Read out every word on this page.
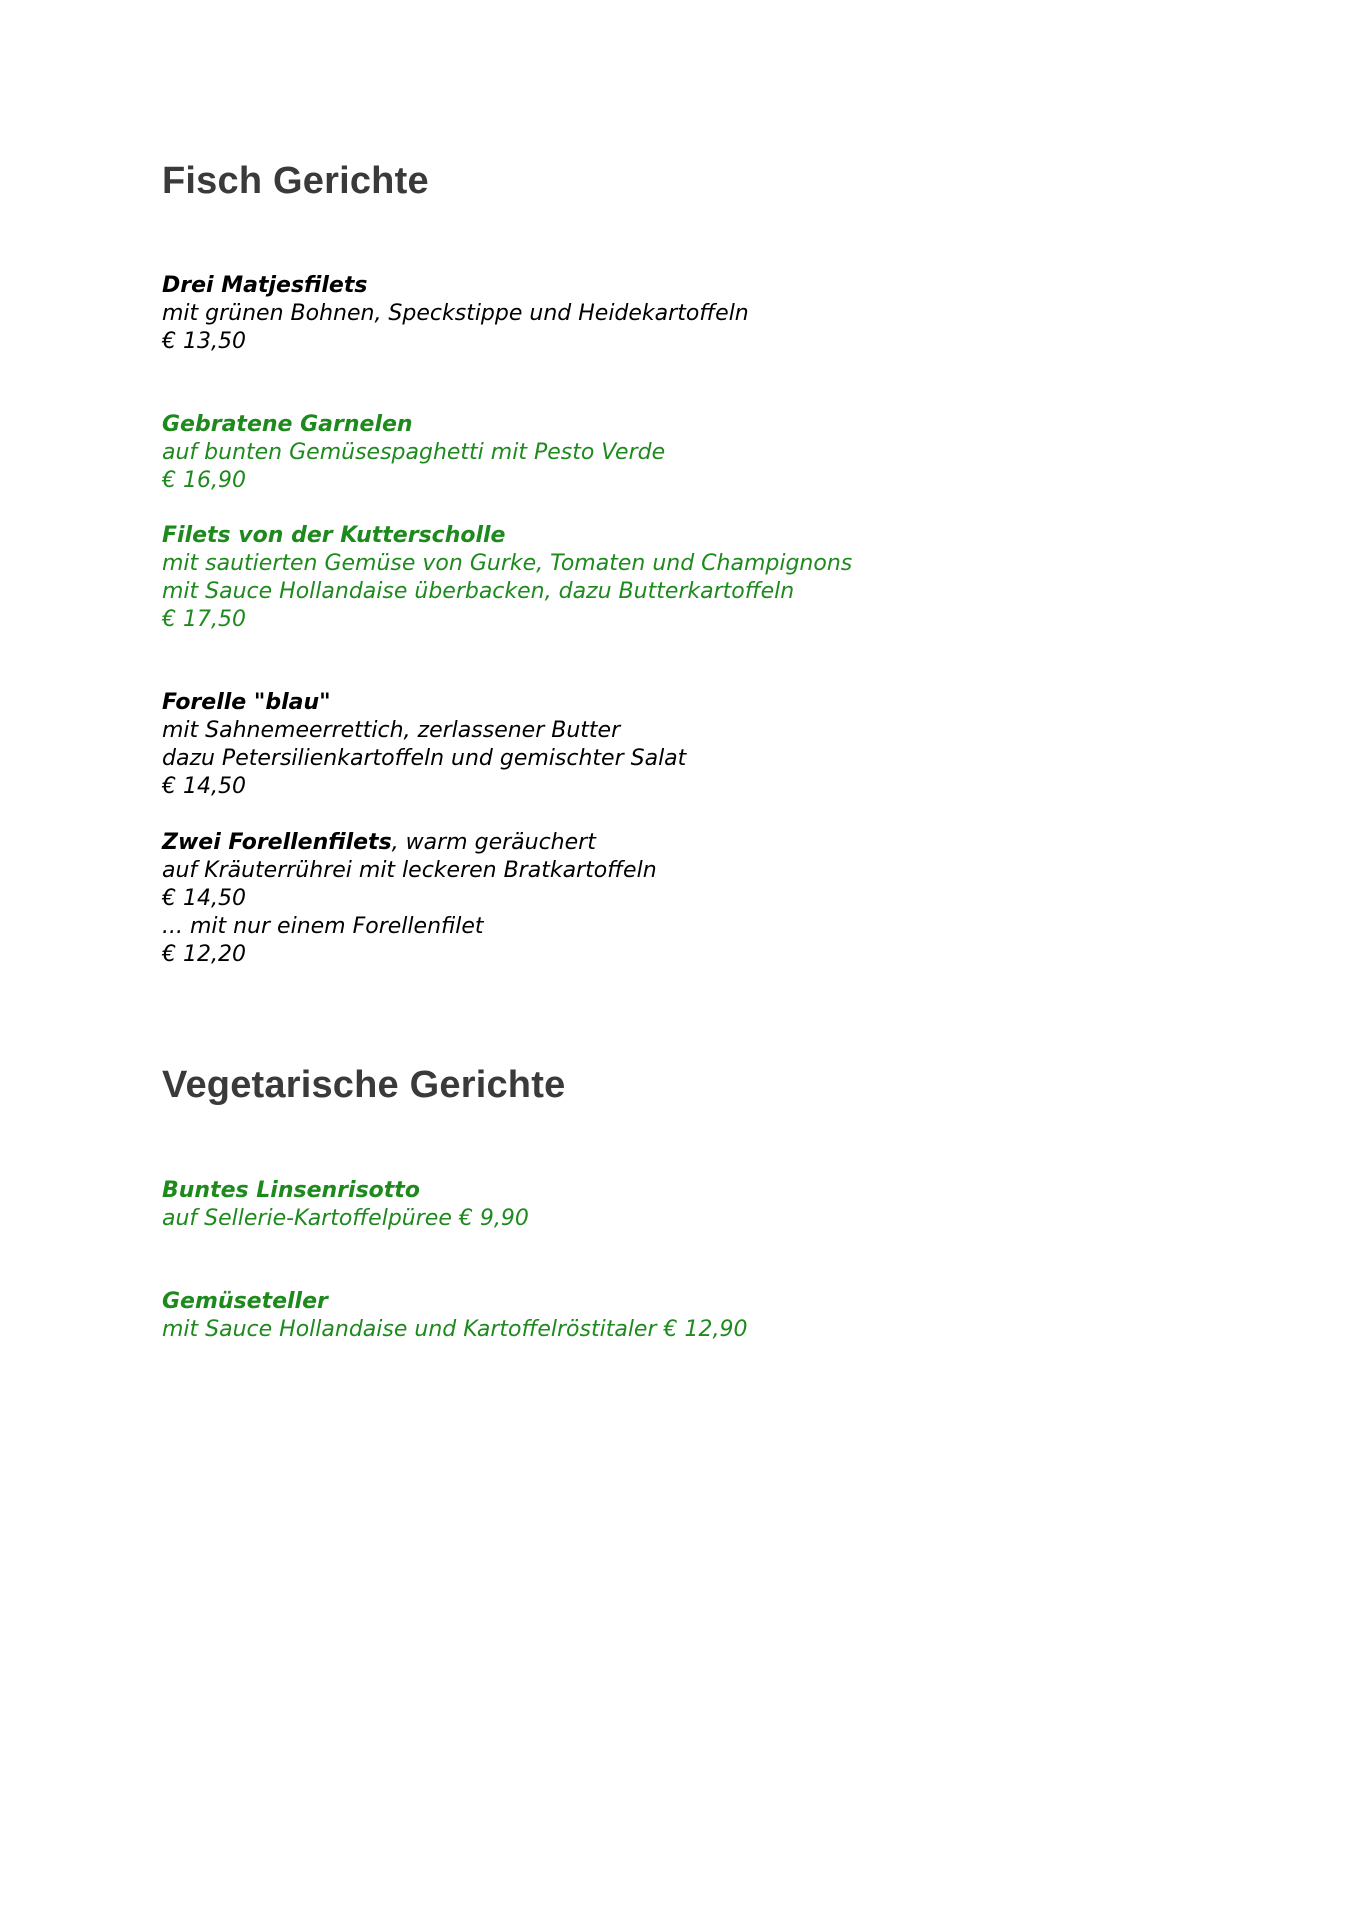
Fisch Gerichte
Drei Matjesfilets
mit grünen Bohnen, Speckstippe und Heidekartoffeln
€ 13,50
Gebratene Garnelen
auf bunten Gemüsespaghetti mit Pesto Verde
€ 16,90
Filets von der Kutterscholle
mit sautierten Gemüse von Gurke, Tomaten und Champignons
mit Sauce Hollandaise überbacken, dazu Butterkartoffeln
€ 17,50
Forelle "blau"
mit Sahnemeerrettich, zerlassener Butter
dazu Petersilienkartoffeln und gemischter Salat
€ 14,50
Zwei Forellenfilets, warm geräuchert
auf Kräuterrührei mit leckeren Bratkartoffeln
€ 14,50
... mit nur einem Forellenfilet
€ 12,20
Vegetarische Gerichte
Buntes Linsenrisotto
auf Sellerie-Kartoffelpüree € 9,90
Gemüseteller
mit Sauce Hollandaise und Kartoffelröstitaler € 12,90
